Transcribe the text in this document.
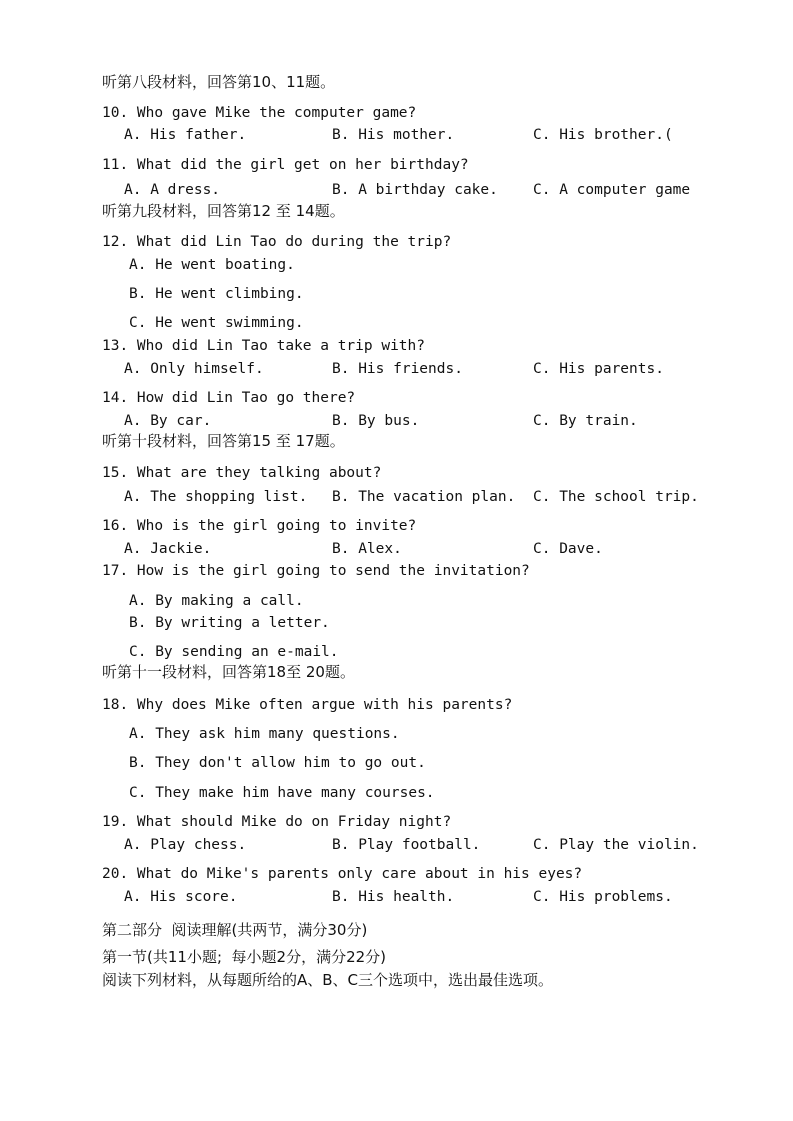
听第八段材料，回答第10、11题。
10. Who gave Mike the computer game?
A. His father.	B. His mother.	C. His brother.(
11. What did the girl get on her birthday?
A. A dress.	B. A birthday cake. C. A computer game
听第九段材料，回答第12 至 14题。
12. What did Lin Tao do during the trip?
A. He went boating.
B. He went climbing.
C. He went swimming.
13. Who did Lin Tao take a trip with?
A. Only himself.	B. His friends.	C. His parents.
14. How did Lin Tao go there?
A. By car.	B. By bus.	C. By train.
听第十段材料，回答第15 至 17题。
15. What are they talking about?
A. The shopping list. B. The vacation plan. C. The school trip.
16. Who is the girl going to invite?
A. Jackie.	B. Alex.	C. Dave.
17. How is the girl going to send the invitation?
A. By making a call.
B. By writing a letter.
C. By sending an e-mail.
听第十一段材料，回答第18至 20题。
18. Why does Mike often argue with his parents?
A. They ask him many questions.
B. They don't allow him to go out.
C. They make him have many courses.
19. What should Mike do on Friday night?
A. Play chess.	B. Play football.	C. Play the violin.
20. What do Mike's parents only care about in his eyes?
A. His score.	B. His health.	C. His problems.
第二部分  阅读理解(共两节，满分30分)
第一节(共11小题;  每小题2分，满分22分)
阅读下列材料，从每题所给的A、B、C三个选项中，选出最佳选项。
